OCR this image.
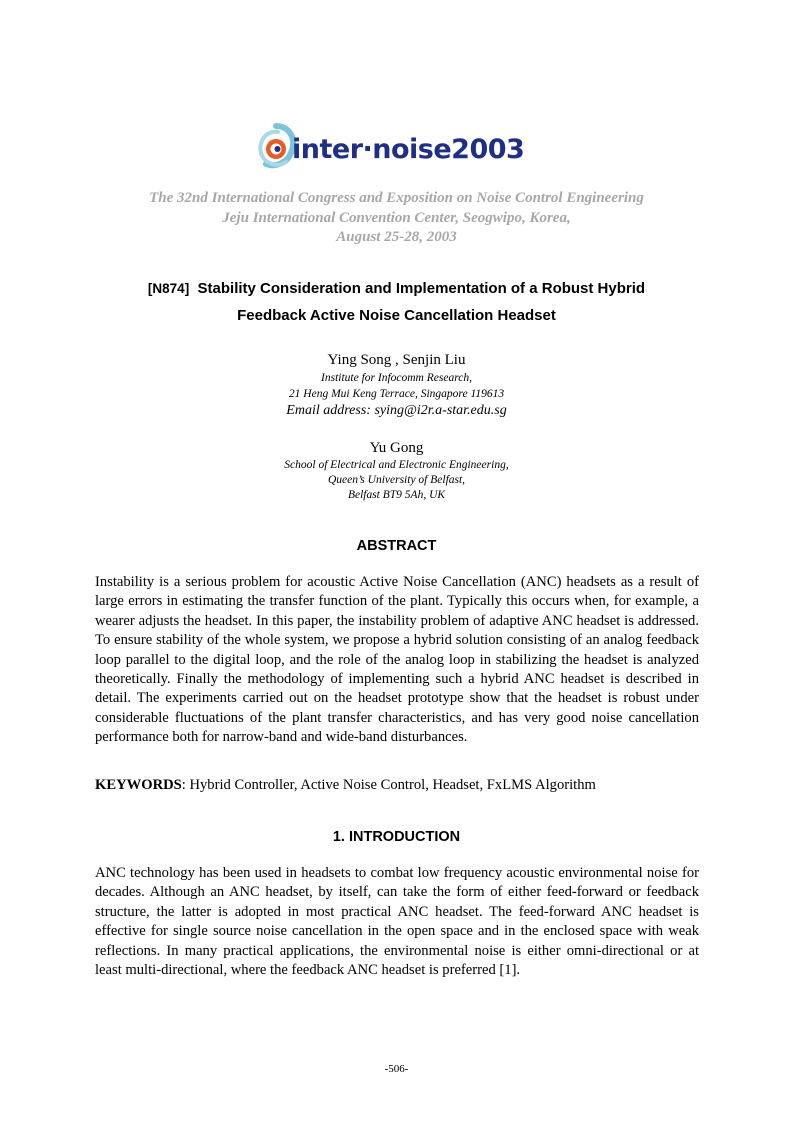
inter·noise2003
The 32nd International Congress and Exposition on Noise Control Engineering
Jeju International Convention Center, Seogwipo, Korea,
August 25-28, 2003
[N874] Stability Consideration and Implementation of a Robust Hybrid
Feedback Active Noise Cancellation Headset
Ying Song , Senjin Liu
Institute for Infocomm Research,
21 Heng Mui Keng Terrace, Singapore 119613
Email address: sying@i2r.a-star.edu.sg
Yu Gong
School of Electrical and Electronic Engineering,
Queen’s University of Belfast,
Belfast BT9 5Ah, UK
ABSTRACT
Instability is a serious problem for acoustic Active Noise Cancellation (ANC) headsets as a result of large errors in estimating the transfer function of the plant. Typically this occurs when, for example, a wearer adjusts the headset. In this paper, the instability problem of adaptive ANC headset is addressed. To ensure stability of the whole system, we propose a hybrid solution consisting of an analog feedback loop parallel to the digital loop, and the role of the analog loop in stabilizing the headset is analyzed theoretically. Finally the methodology of implementing such a hybrid ANC headset is described in detail. The experiments carried out on the headset prototype show that the headset is robust under considerable fluctuations of the plant transfer characteristics, and has very good noise cancellation performance both for narrow-band and wide-band disturbances.
KEYWORDS: Hybrid Controller, Active Noise Control, Headset, FxLMS Algorithm
1. INTRODUCTION
ANC technology has been used in headsets to combat low frequency acoustic environmental noise for decades. Although an ANC headset, by itself, can take the form of either feed-forward or feedback structure, the latter is adopted in most practical ANC headset. The feed-forward ANC headset is effective for single source noise cancellation in the open space and in the enclosed space with weak reflections. In many practical applications, the environmental noise is either omni-directional or at least multi-directional, where the feedback ANC headset is preferred [1].
-506-
